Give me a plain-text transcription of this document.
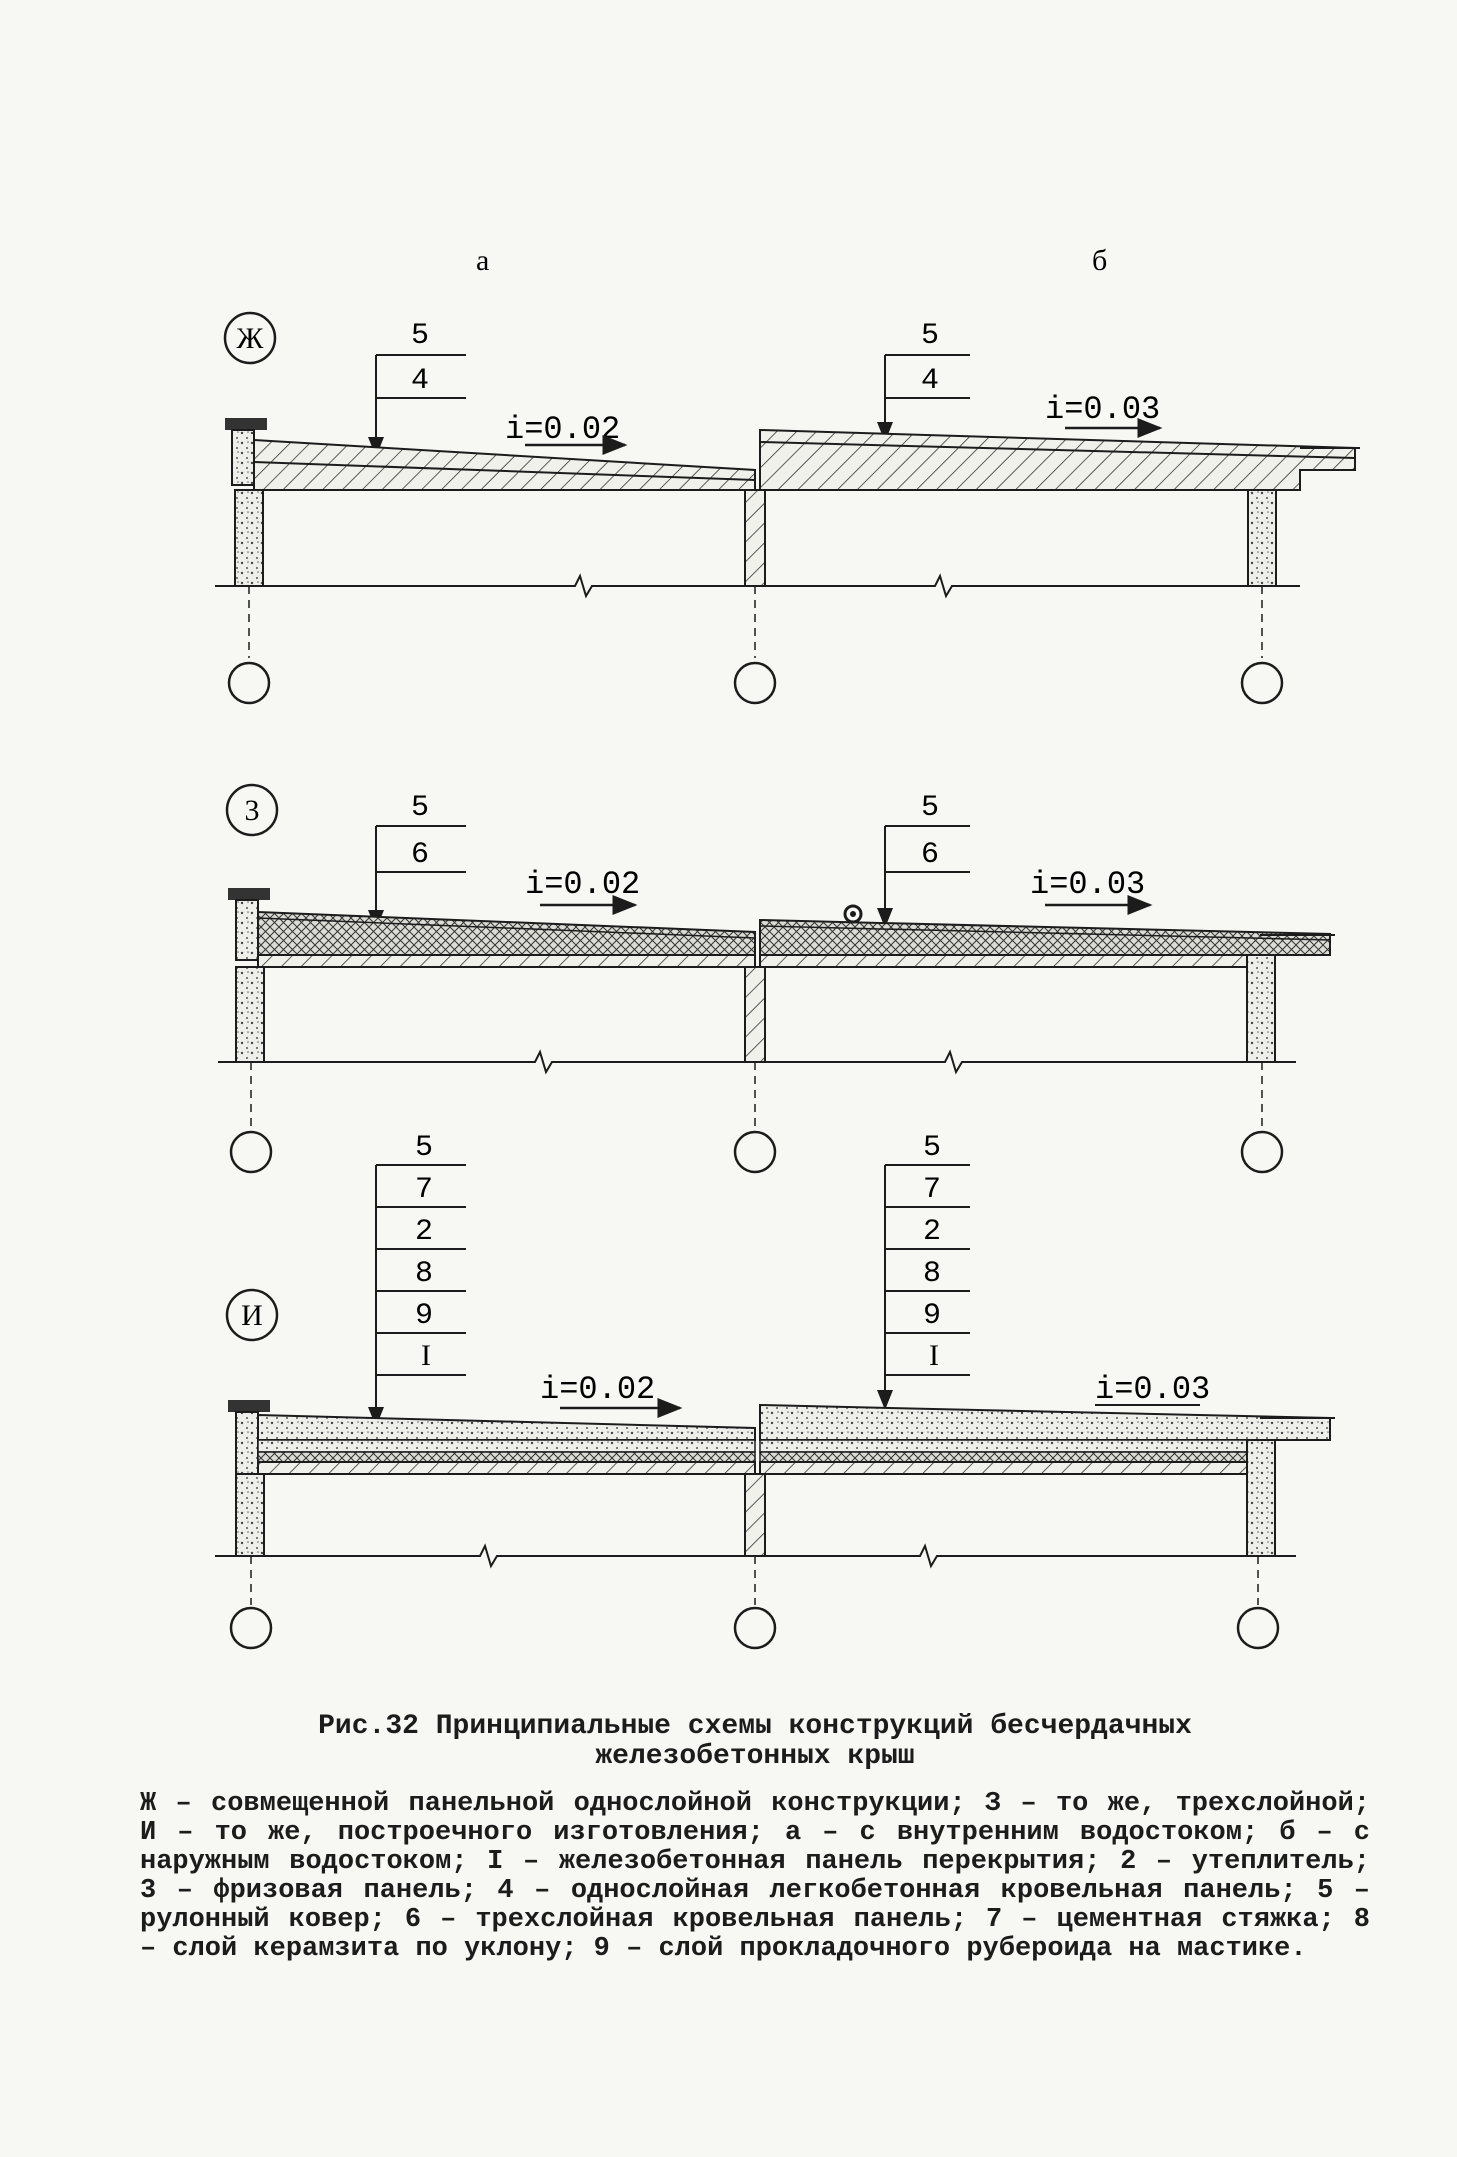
а	б
Ж	5
4
5
4
i=0.02
i=0.03
3	5
6
5
6
i=0.02	i=0.03
И
5
7
2
8
9
I
5
7
2
8
9
I
i=0.02	i=0.03

Рис.32 Принципиальные схемы конструкций бесчердачных
железобетонных крыш

Ж – совмещенной панельной однослойной конструкции; З – то же, трехслойной; И – то же, построечного изготовления; а – с внутренним водостоком; б – с наружным водостоком; I – железобетонная панель перекрытия; 2 – утеплитель; 3 – фризовая панель; 4 – однослойная легкобетонная кровельная панель; 5 – рулонный ковер; 6 – трехслойная кровельная панель; 7 – цементная стяжка; 8 – слой керамзита по уклону; 9 – слой прокладочного рубероида на мастике.
